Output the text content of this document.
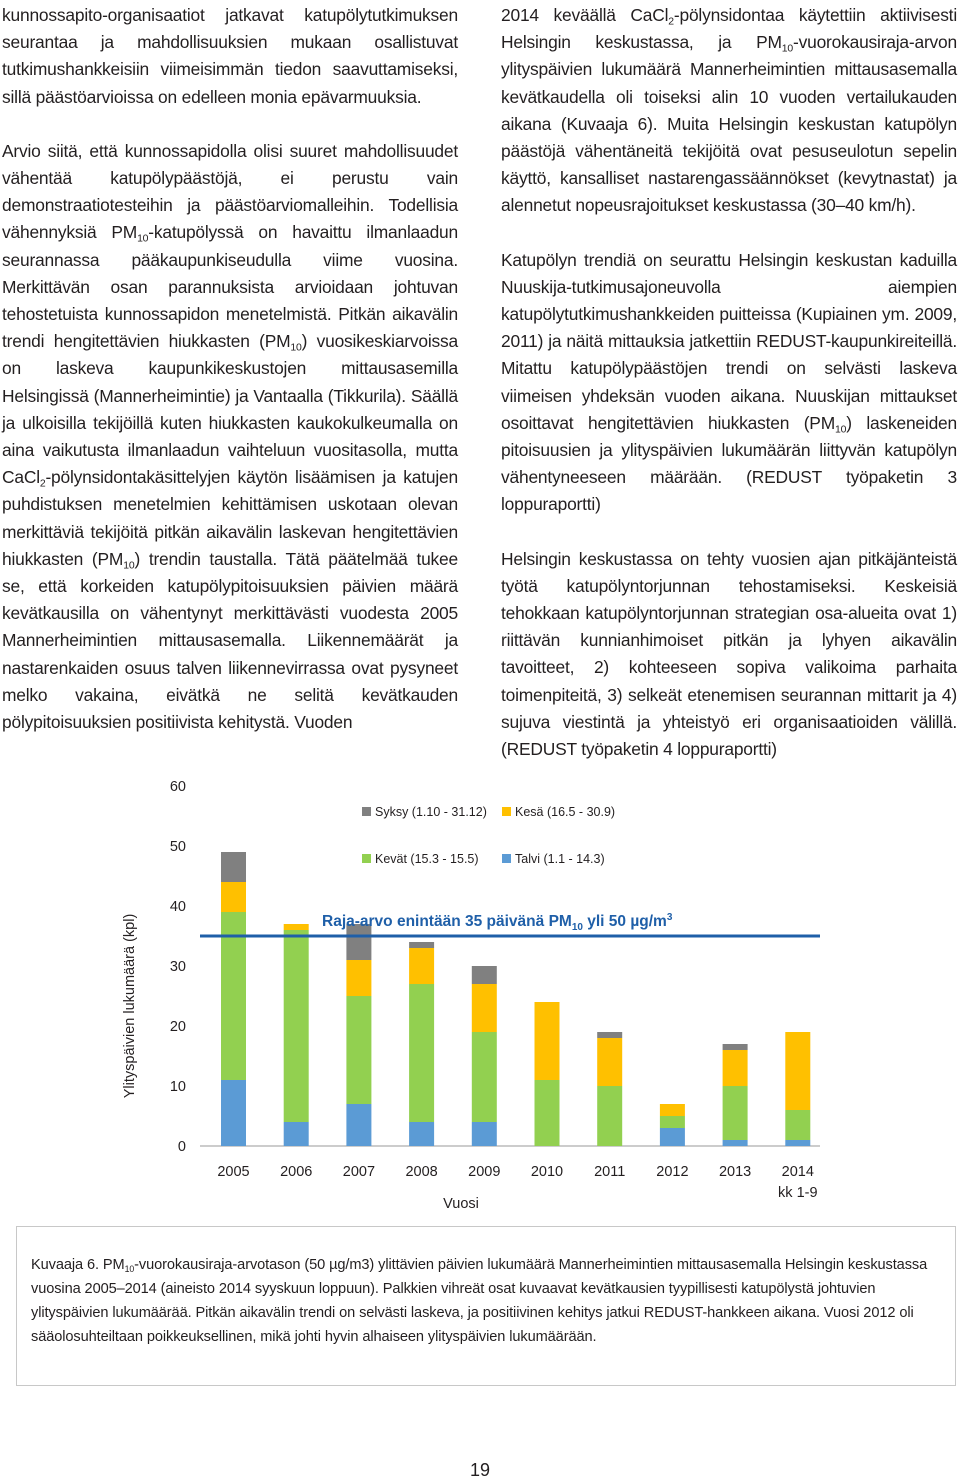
kunnossapito-organisaatiot jatkavat katupölytutkimuksen seurantaa ja mahdollisuuksien mukaan osallistuvat tutkimushankkeisiin viimeisimmän tiedon saavuttamiseksi, sillä päästöarvioissa on edelleen monia epävarmuuksia.

Arvio siitä, että kunnossapidolla olisi suuret mahdollisuudet vähentää katupölypäästöjä, ei perustu vain demonstraatiotesteihin ja päästöarviomalleihin. Todellisia vähennyksiä $PM_{10}$-katupölyssä on havaittu ilmanlaadun seurannassa pääkaupunkiseudulla viime vuosina. Merkittävän osan parannuksista arvioidaan johtuvan tehostetuista kunnossapidon menetelmistä. Pitkän aikavälin trendi hengitettävien hiukkasten $(PM_{10})$ vuosikeskiarvoissa on laskeva kaupunkikeskustojen mittausasemilla Helsingissä (Mannerheimintie) ja Vantaalla (Tikkurila). Säällä ja ulkoisilla tekijöillä kuten hiukkasten kaukokulkeumalla on aina vaikutusta ilmanlaadun vaihteluun vuositasolla, mutta CaCl$_2$-pölynsidontakäsittelyjen käytön lisäämisen ja katujen puhdistuksen menetelmien kehittämisen uskotaan olevan merkittäviä tekijöitä pitkän aikavälin laskevan hengitettävien hiukkasten $(PM_{10})$ trendin taustalla. Tätä päätelmää tukee se, että korkeiden katupölypitoisuuksien päivien määrä kevätkausilla on vähentynyt merkittävästi vuodesta 2005 Mannerheimintien mittausasemalla. Liikennemäärät ja nastarenkaiden osuus talven liikennevirrassa ovat pysyneet melko vakaina, eivätkä ne selitä kevätkauden pölypitoisuuksien positiivista kehitystä. Vuoden

2014 keväällä CaCl$_2$-pölynsidontaa käytettiin aktiivisesti Helsingin keskustassa, ja $PM_{10}-vuorokausiraja$-arvon ylityspäivien lukumäärä Mannerheimintien mittausasemalla kevätkaudella oli toiseksi alin 10 vuoden vertailukauden aikana (Kuvaaja 6). Muita Helsingin keskustan katupölyn päästöjä vähentäneitä tekijöitä ovat pesuseulotun sepelin käyttö, kansalliset nastarengassäännökset (kevytnastat) ja alennetut nopeusrajoitukset keskustassa (30–40 km/h).

Katupölyn trendiä on seurattu Helsingin keskustan kaduilla Nuuskija-tutkimusajoneuvolla aiempien katupölytutkimushankkeiden puitteissa (Kupiainen ym. 2009, 2011) ja näitä mittauksia jatkettiin REDUST-kaupunkireiteillä. Mitattu katupölypäästöjen trendi on selvästi laskeva viimeisen yhdeksän vuoden aikana. Nuuskijan mittaukset osoittavat hengitettävien hiukkasten $(PM_{10})$ laskeneiden pitoisuusien ja ylityspäivien lukumäärän liittyvän katupölyn vähentyneeseen määrään. (REDUST työpaketin 3 loppuraportti)

Helsingin keskustassa on tehty vuosien ajan pitkäjänteistä työtä katupölyntorjunnan tehostamiseksi. Keskeisiä tehokkaan katupölyntorjunnan strategian osa-alueita ovat 1) riittävän kunnianhimoiset pitkän ja lyhyen aikavälin tavoitteet, 2) kohteeseen sopiva valikoima parhaita toimenpiteitä, 3) selkeät etenemisen seurannan mittarit ja 4) sujuva viestintä ja yhteistyö eri organisaatioiden välillä. (REDUST työpaketin 4 loppuraportti)

0
10
20
30
40
50
60
Ylityspäivien lukumäärä (kpl)
2005 2006 2007 2008 2009 2010 2011 2012 2013 2014
kk 1-9
Vuosi
Raja-arvo enintään 35 päivänä $PM_{10}$ yli 50 $\mu g/m^3$
Syksy (1.10 - 31.12) Kesä (16.5 - 30.9)
Kevät (15.3 - 15.5)	Talvi (1.1 - 14.3)
Kuvaaja 6. $PM_{10}-vuorokausiraja$-arvotason (50 µg/m3) ylittävien päivien lukumäärä Mannerheimintien mittausasemalla Helsingin keskustassa vuosina 2005–2014 (aineisto 2014 syyskuun loppuun). Palkkien vihreät osat kuvaavat kevätkausien tyypillisesti katupölystä johtuvien ylityspäivien lukumäärää. Pitkän aikavälin trendi on selvästi laskeva, ja positiivinen kehitys jatkui REDUST-hankkeen aikana. Vuosi 2012 oli sääolosuhteiltaan poikkeuksellinen, mikä johti hyvin alhaiseen ylityspäivien lukumäärään.
19
